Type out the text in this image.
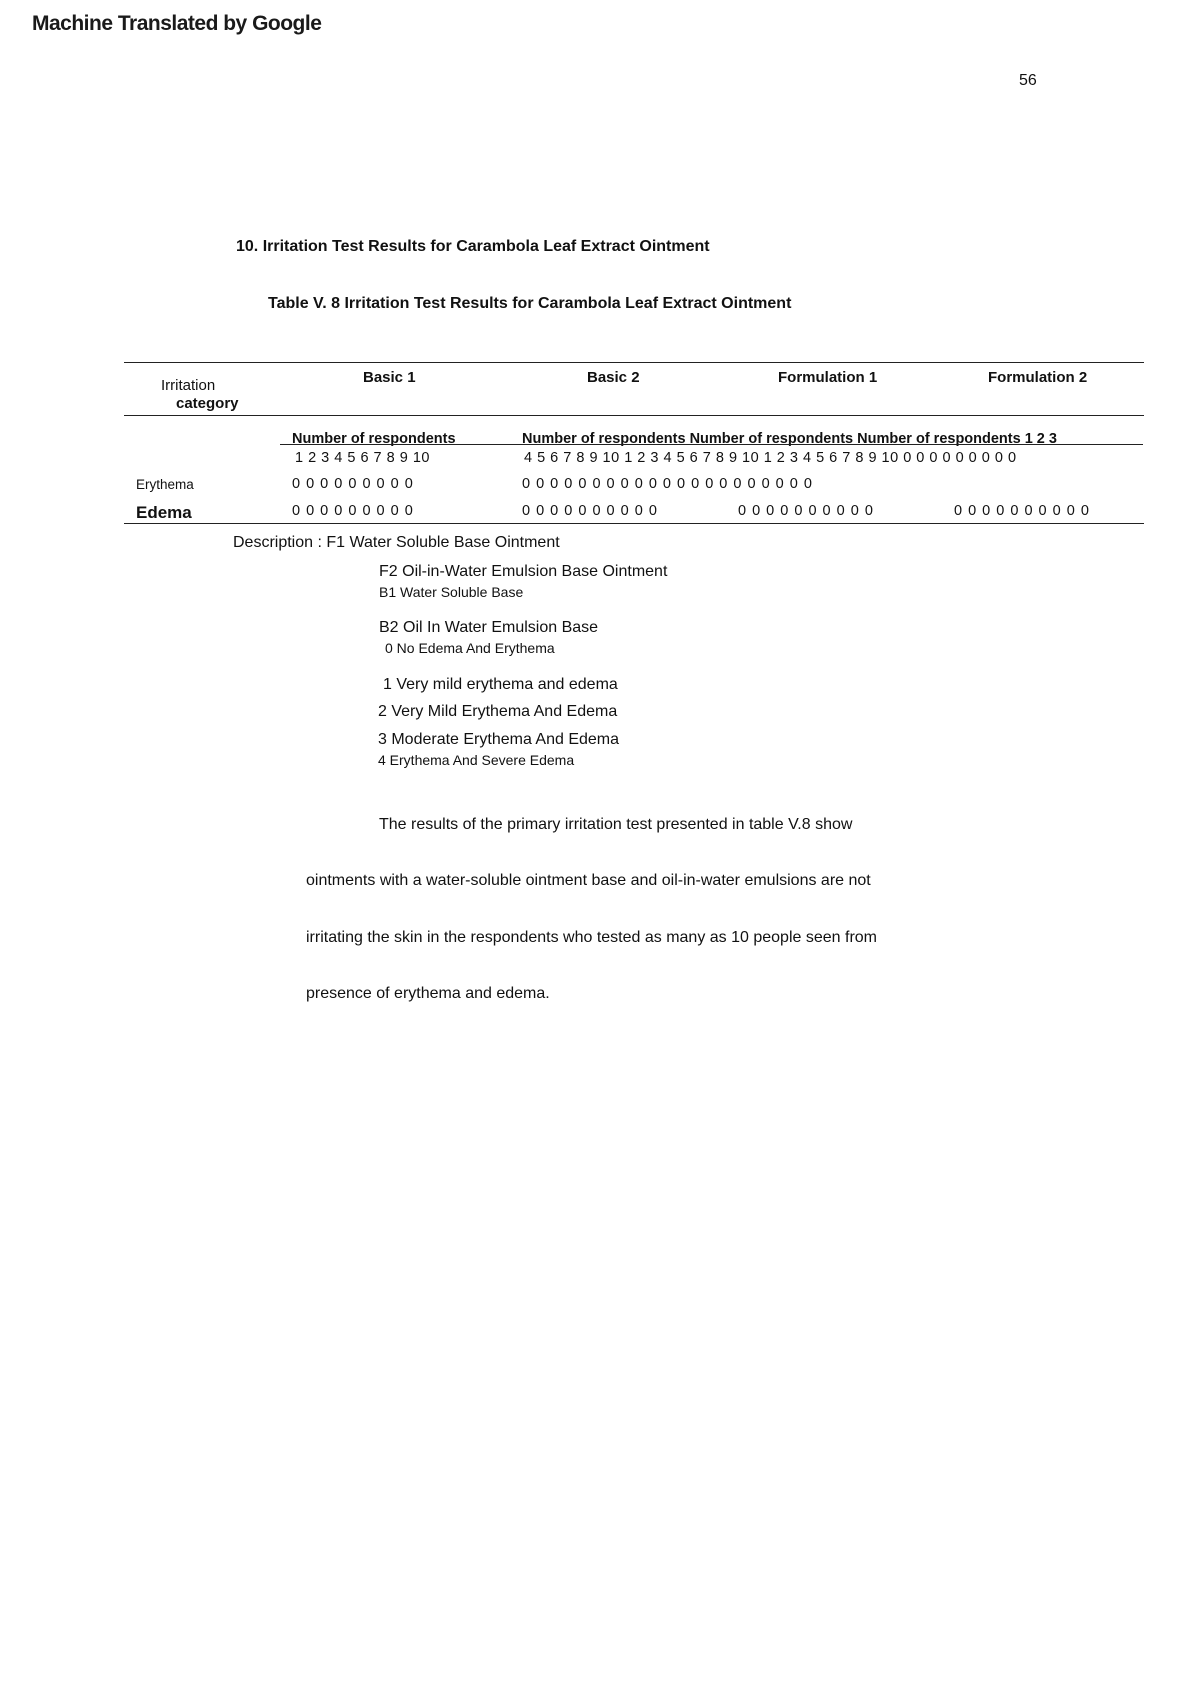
Machine Translated by Google
56
10. Irritation Test Results for Carambola Leaf Extract Ointment
Table V. 8 Irritation Test Results for Carambola Leaf Extract Ointment
Irritation
category
Basic 1	Basic 2	Formulation 1	Formulation 2
Number of respondents	Number of respondents Number of respondents Number of respondents 1 2 3
1 2 3 4 5 6 7 8 9 10	4 5 6 7 8 9 10 1 2 3 4 5 6 7 8 9 10 1 2 3 4 5 6 7 8 9 10 0 0 0 0 0 0 0 0 0
Erythema	0 0 0 0 0 0 0 0 0	0 0 0 0 0 0 0 0 0 0 0 0 0 0 0 0 0 0 0 0 0
Edema	0 0 0 0 0 0 0 0 0	0 0 0 0 0 0 0 0 0 0	0 0 0 0 0 0 0 0 0 0	0 0 0 0 0 0 0 0 0 0
Description : F1 Water Soluble Base Ointment
F2 Oil-in-Water Emulsion Base Ointment
B1 Water Soluble Base
B2 Oil In Water Emulsion Base
0 No Edema And Erythema
1 Very mild erythema and edema
2 Very Mild Erythema And Edema
3 Moderate Erythema And Edema
4 Erythema And Severe Edema
The results of the primary irritation test presented in table V.8 show
ointments with a water-soluble ointment base and oil-in-water emulsions are not
irritating the skin in the respondents who tested as many as 10 people seen from
presence of erythema and edema.
